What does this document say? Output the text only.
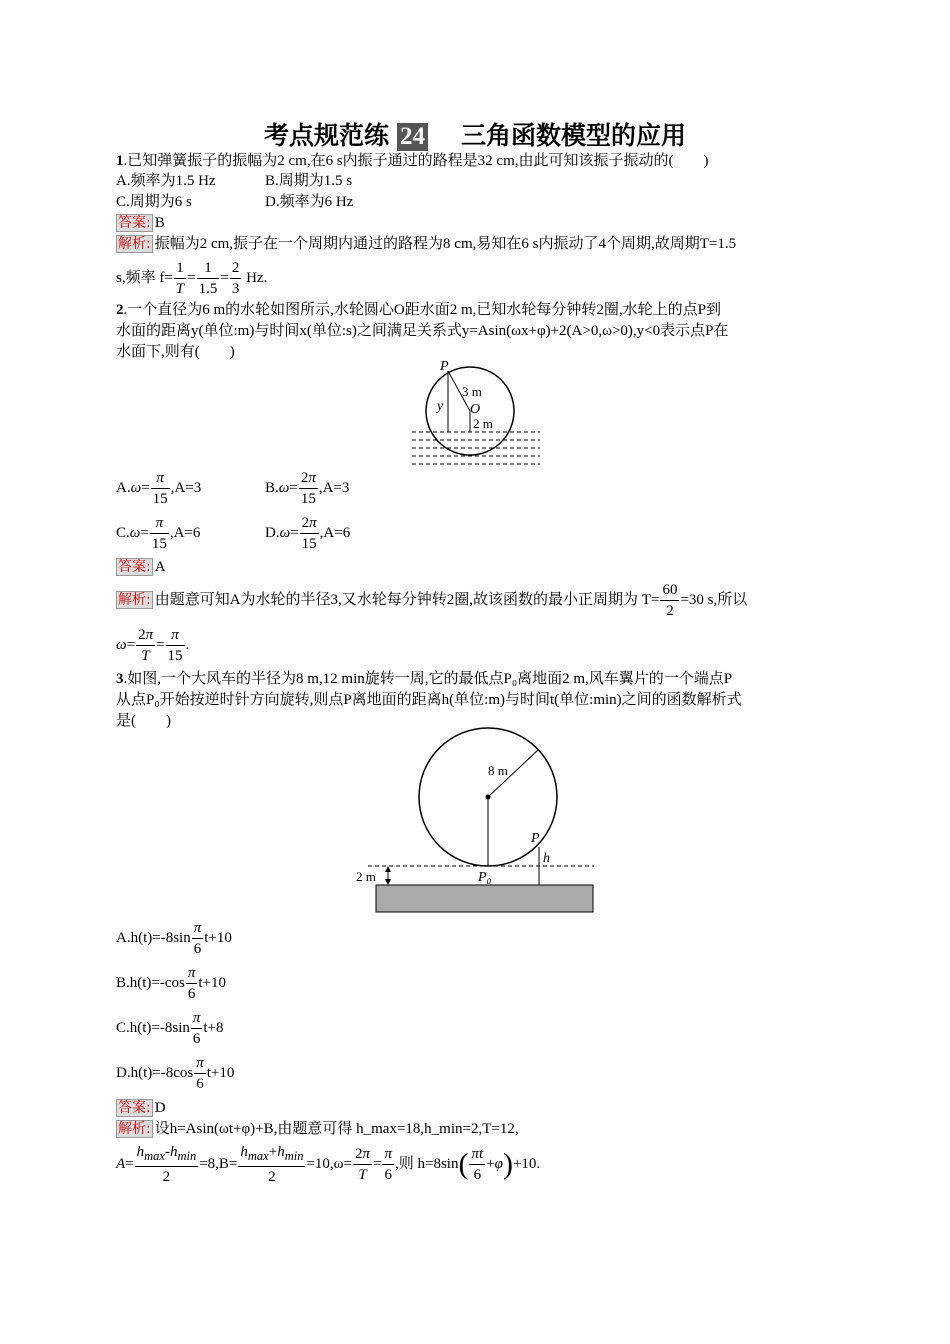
考点规范练 24　 三角函数模型的应用
1.已知弹簧振子的振幅为2 cm,在6 s内振子通过的路程是32 cm,由此可知该振子振动的(　　)
A.频率为1.5 Hz	B.周期为1.5 s
C.周期为6 s	D.频率为6 Hz
答案: B
解析: 振幅为2 cm,振子在一个周期内通过的路程为8 cm,易知在6 s内振动了4个周期,故周期T=1.5
s,频率 $f= \frac{1}{T} = \frac{1}{1.5} = \frac{2}{3} Hz$.
2.一个直径为6 m的水轮如图所示,水轮圆心O距水面2 m,已知水轮每分钟转2圈,水轮上的点P到
水面的距离y(单位:m)与时间x(单位:s)之间满足关系式y=Asin(ωx+φ)+2(A>0,ω>0),y<0表示点P在
水面下,则有(　　)
P
3 m
y O
2 m
$A.\omega= \frac{\pi}{15} ,A=3$	$B.\omega= \frac{2\pi}{15} ,A=3$
$C.\omega= \frac{\pi}{15} ,A=6$	$D.\omega= \frac{2\pi}{15} ,A=6$
答案: A
解析: 由题意可知A为水轮的半径3,又水轮每分钟转2圈,故该函数的最小正周期为 $T= \frac{60}{2} =30$ s,所以
$\omega= \frac{2\pi}{T} = \frac{\pi}{15}$ .
3.如图,一个大风车的半径为8 m,12 min旋转一周,它的最低点P₀离地面2 m,风车翼片的一个端点P
从点P₀开始按逆时针方向旋转,则点P离地面的距离h(单位:m)与时间t(单位:min)之间的函数解析式
是(　　)
8 m
P
h
2 m	P₀
$A.h(t)=-8\sin \frac{\pi}{6} t+10$
$B.h(t)=-\cos \frac{\pi}{6} t+10$
$C.h(t)=-8\sin \frac{\pi}{6} t+8$
$D.h(t)=-8\cos \frac{\pi}{6} t+10$
答案: D
解析: 设h=Asin(ωt+φ)+B,由题意可得 h_max=18,h_min=2,T=12,
$A= \frac{h_{max}-h_{min}}{2} =8,B= \frac{h_{max}+h_{min}}{2} =10,\omega= \frac{2\pi}{T} = \frac{\pi}{6}$ ,则 $h=8\sin( \frac{\pi t}{6} +\varphi)+10$.
